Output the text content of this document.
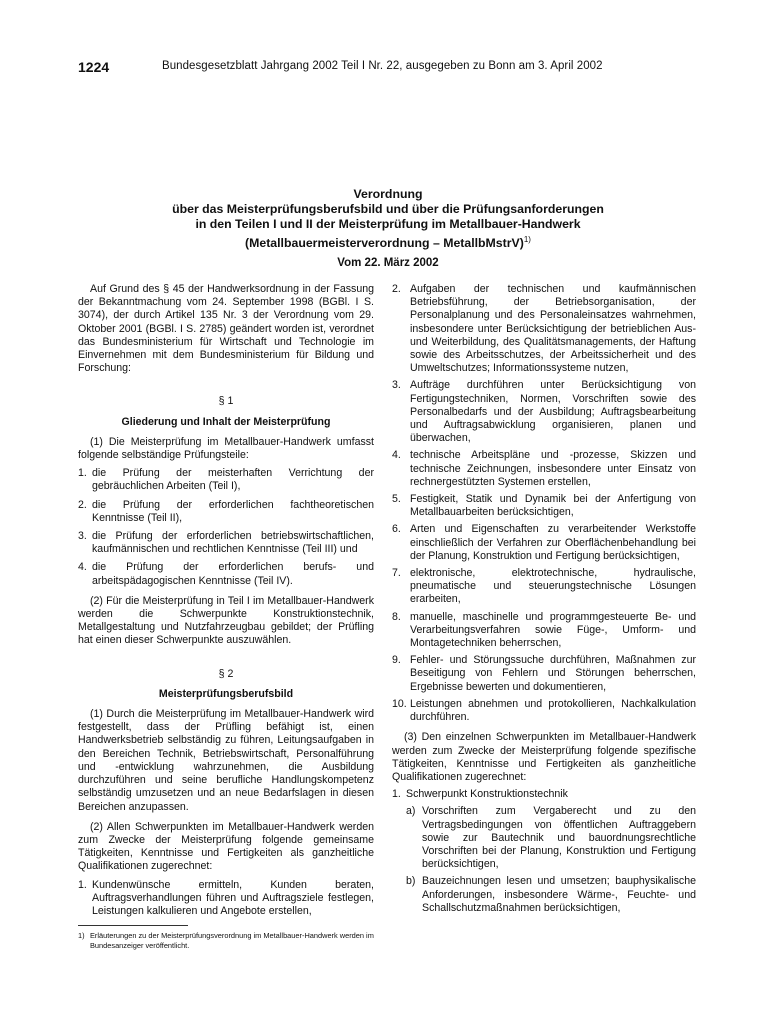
1224	Bundesgesetzblatt Jahrgang 2002 Teil I Nr. 22, ausgegeben zu Bonn am 3. April 2002
Verordnung
über das Meisterprüfungsberufsbild und über die Prüfungsanforderungen
in den Teilen I und II der Meisterprüfung im Metallbauer-Handwerk
(Metallbauermeisterverordnung – MetallbMstrV)$^{1)}$
Vom 22. März 2002

Auf Grund des § 45 der Handwerksordnung in der Fassung der Bekanntmachung vom 24. September 1998 (BGBl. I S. 3074), der durch Artikel 135 Nr. 3 der Verordnung vom 29. Oktober 2001 (BGBl. I S. 2785) geändert worden ist, verordnet das Bundesministerium für Wirtschaft und Technologie im Einvernehmen mit dem Bundesministerium für Bildung und Forschung:

§ 1

Gliederung und Inhalt der Meisterprüfung

(1) Die Meisterprüfung im Metallbauer-Handwerk umfasst folgende selbständige Prüfungsteile:

1. die Prüfung der meisterhaften Verrichtung der gebräuchlichen Arbeiten (Teil I),
2. die Prüfung der erforderlichen fachtheoretischen Kenntnisse (Teil II),
3. die Prüfung der erforderlichen betriebswirtschaftlichen, kaufmännischen und rechtlichen Kenntnisse (Teil III) und
4. die Prüfung der erforderlichen berufs- und arbeitspädagogischen Kenntnisse (Teil IV).

(2) Für die Meisterprüfung in Teil I im Metallbauer-Handwerk werden die Schwerpunkte Konstruktionstechnik, Metallgestaltung und Nutzfahrzeugbau gebildet; der Prüfling hat einen dieser Schwerpunkte auszuwählen.

§ 2

Meisterprüfungsberufsbild

(1) Durch die Meisterprüfung im Metallbauer-Handwerk wird festgestellt, dass der Prüfling befähigt ist, einen Handwerksbetrieb selbständig zu führen, Leitungsaufgaben in den Bereichen Technik, Betriebswirtschaft, Personalführung und -entwicklung wahrzunehmen, die Ausbildung durchzuführen und seine berufliche Handlungskompetenz selbständig umzusetzen und an neue Bedarfslagen in diesen Bereichen anzupassen.

(2) Allen Schwerpunkten im Metallbauer-Handwerk werden zum Zwecke der Meisterprüfung folgende gemeinsame Tätigkeiten, Kenntnisse und Fertigkeiten als ganzheitliche Qualifikationen zugerechnet:

1. Kundenwünsche ermitteln, Kunden beraten, Auftragsverhandlungen führen und Auftragsziele festlegen, Leistungen kalkulieren und Angebote erstellen,
2. Aufgaben der technischen und kaufmännischen Betriebsführung, der Betriebsorganisation, der Personalplanung und des Personaleinsatzes wahrnehmen, insbesondere unter Berücksichtigung der betrieblichen Aus- und Weiterbildung, des Qualitätsmanagements, der Haftung sowie des Arbeitsschutzes, der Arbeitssicherheit und des Umweltschutzes; Informationssysteme nutzen,
3. Aufträge durchführen unter Berücksichtigung von Fertigungstechniken, Normen, Vorschriften sowie des Personalbedarfs und der Ausbildung; Auftragsbearbeitung und Auftragsabwicklung organisieren, planen und überwachen,
4. technische Arbeitspläne und -prozesse, Skizzen und technische Zeichnungen, insbesondere unter Einsatz von rechnergestützten Systemen erstellen,
5. Festigkeit, Statik und Dynamik bei der Anfertigung von Metallbauarbeiten berücksichtigen,
6. Arten und Eigenschaften zu verarbeitender Werkstoffe einschließlich der Verfahren zur Oberflächenbehandlung bei der Planung, Konstruktion und Fertigung berücksichtigen,
7. elektronische, elektrotechnische, hydraulische, pneumatische und steuerungstechnische Lösungen erarbeiten,
8. manuelle, maschinelle und programmgesteuerte Be- und Verarbeitungsverfahren sowie Füge-, Umform- und Montagetechniken beherrschen,
9. Fehler- und Störungssuche durchführen, Maßnahmen zur Beseitigung von Fehlern und Störungen beherrschen, Ergebnisse bewerten und dokumentieren,
10. Leistungen abnehmen und protokollieren, Nachkalkulation durchführen.

(3) Den einzelnen Schwerpunkten im Metallbauer-Handwerk werden zum Zwecke der Meisterprüfung folgende spezifische Tätigkeiten, Kenntnisse und Fertigkeiten als ganzheitliche Qualifikationen zugerechnet:

1. Schwerpunkt Konstruktionstechnik
a) Vorschriften zum Vergaberecht und zu den Vertragsbedingungen von öffentlichen Auftraggebern sowie zur Bautechnik und bauordnungsrechtliche Vorschriften bei der Planung, Konstruktion und Fertigung berücksichtigen,
b) Bauzeichnungen lesen und umsetzen; bauphysikalische Anforderungen, insbesondere Wärme-, Feuchte- und Schallschutzmaßnahmen berücksichtigen,
1) Erläuterungen zu der Meisterprüfungsverordnung im Metallbauer-Handwerk werden im Bundesanzeiger veröffentlicht.
